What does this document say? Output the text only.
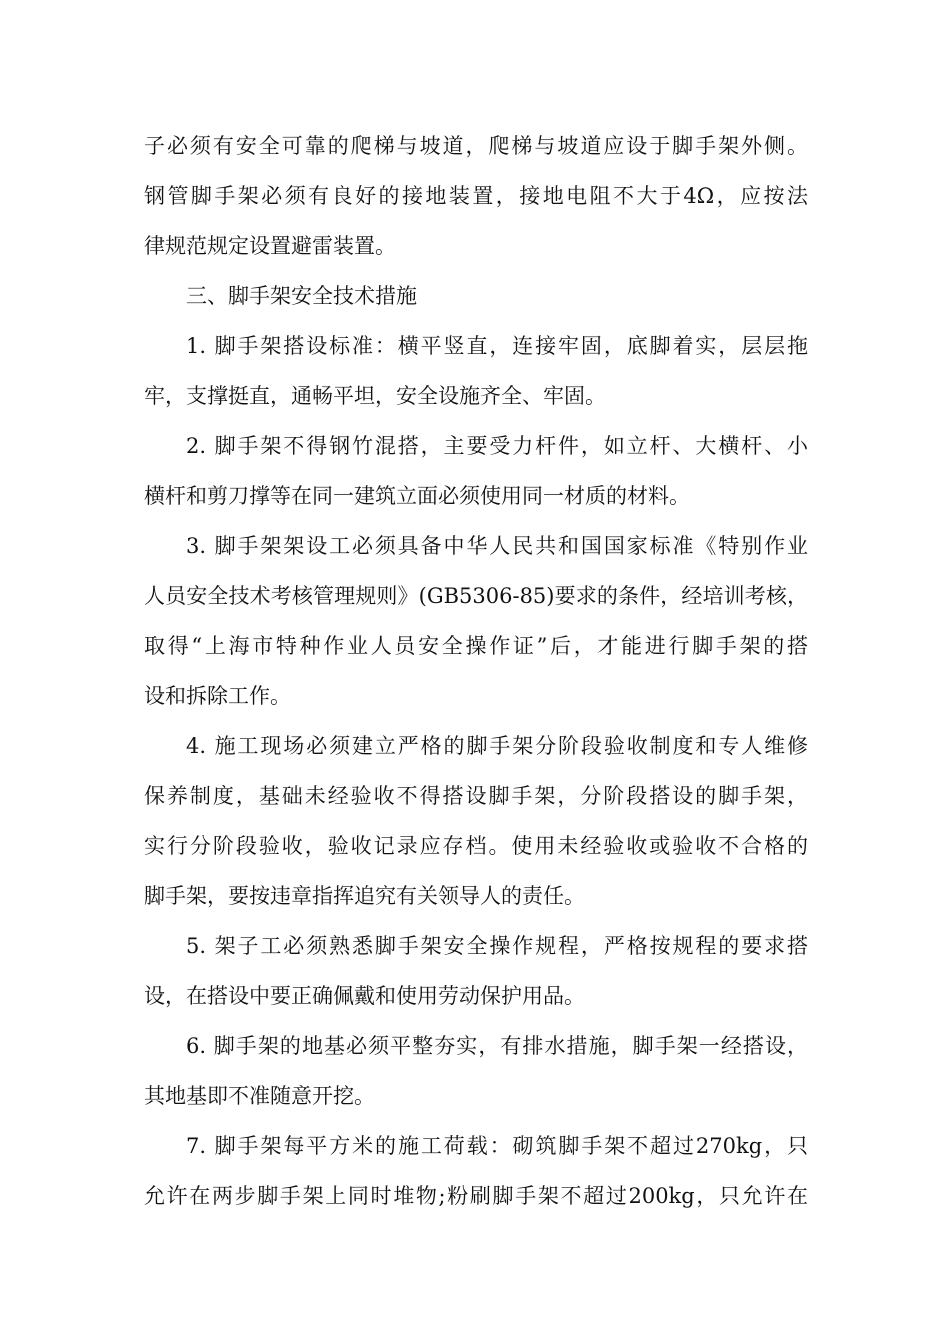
子必须有安全可靠的爬梯与坡道，爬梯与坡道应设于脚手架外侧。
钢管脚手架必须有良好的接地装置，接地电阻不大于4Ω，应按法
律规范规定设置避雷装置。
三、脚手架安全技术措施
1. 脚手架搭设标准：横平竖直，连接牢固，底脚着实，层层拖
牢，支撑挺直，通畅平坦，安全设施齐全、牢固。
2. 脚手架不得钢竹混搭，主要受力杆件，如立杆、大横杆、小
横杆和剪刀撑等在同一建筑立面必须使用同一材质的材料。
3. 脚手架架设工必须具备中华人民共和国国家标准《特别作业
人员安全技术考核管理规则》(GB5306-85)要求的条件，经培训考核，
取得“上海市特种作业人员安全操作证”后，才能进行脚手架的搭
设和拆除工作。
4. 施工现场必须建立严格的脚手架分阶段验收制度和专人维修
保养制度，基础未经验收不得搭设脚手架，分阶段搭设的脚手架，
实行分阶段验收，验收记录应存档。使用未经验收或验收不合格的
脚手架，要按违章指挥追究有关领导人的责任。
5. 架子工必须熟悉脚手架安全操作规程，严格按规程的要求搭
设，在搭设中要正确佩戴和使用劳动保护用品。
6. 脚手架的地基必须平整夯实，有排水措施，脚手架一经搭设，
其地基即不准随意开挖。
7. 脚手架每平方米的施工荷载：砌筑脚手架不超过270kg，只
允许在两步脚手架上同时堆物;粉刷脚手架不超过200kg，只允许在
